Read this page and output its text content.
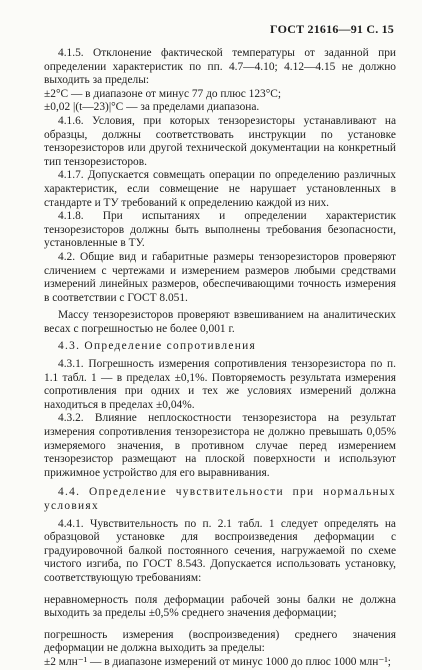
ГОСТ 21616—91 С. 15

4.1.5. Отклонение фактической температуры от заданной при определении характеристик по пп. 4.7—4.10; 4.12—4.15 не должно выходить за пределы:

±2°С — в диапазоне от минус 77 до плюс 123°С;

±0,02 |(t—23)|°С — за пределами диапазона.

4.1.6. Условия, при которых тензорезисторы устанавливают на образцы, должны соответствовать инструкции по установке тензорезисторов или другой технической документации на конкретный тип тензорезисторов.

4.1.7. Допускается совмещать операции по определению различных характеристик, если совмещение не нарушает установленных в стандарте и ТУ требований к определению каждой из них.

4.1.8. При испытаниях и определении характеристик тензорезисторов должны быть выполнены требования безопасности, установленные в ТУ.

4.2. Общие вид и габаритные размеры тензорезисторов проверяют сличением с чертежами и измерением размеров любыми средствами измерений линейных размеров, обеспечивающими точность измерения в соответствии с ГОСТ 8.051.

Массу тензорезисторов проверяют взвешиванием на аналитических весах с погрешностью не более 0,001 г.

4.3. Определение сопротивления

4.3.1. Погрешность измерения сопротивления тензорезистора по п. 1.1 табл. 1 — в пределах ±0,1%. Повторяемость результата измерения сопротивления при одних и тех же условиях измерений должна находиться в пределах ±0,04%.

4.3.2. Влияние неплоскостности тензорезистора на результат измерения сопротивления тензорезистора не должно превышать 0,05% измеряемого значения, в противном случае перед измерением тензорезистор размещают на плоской поверхности и используют прижимное устройство для его выравнивания.

4.4. Определение чувствительности при нормальных условиях

4.4.1. Чувствительность по п. 2.1 табл. 1 следует определять на образцовой установке для воспроизведения деформации с градуировочной балкой постоянного сечения, нагружаемой по схеме чистого изгиба, по ГОСТ 8.543. Допускается использовать установку, соответствующую требованиям:

неравномерность поля деформации рабочей зоны балки не должна выходить за пределы ±0,5% среднего значения деформации;

погрешность измерения (воспроизведения) среднего значения деформации не должна выходить за пределы:

±2 млн⁻¹ — в диапазоне измерений от минус 1000 до плюс 1000 млн⁻¹;
